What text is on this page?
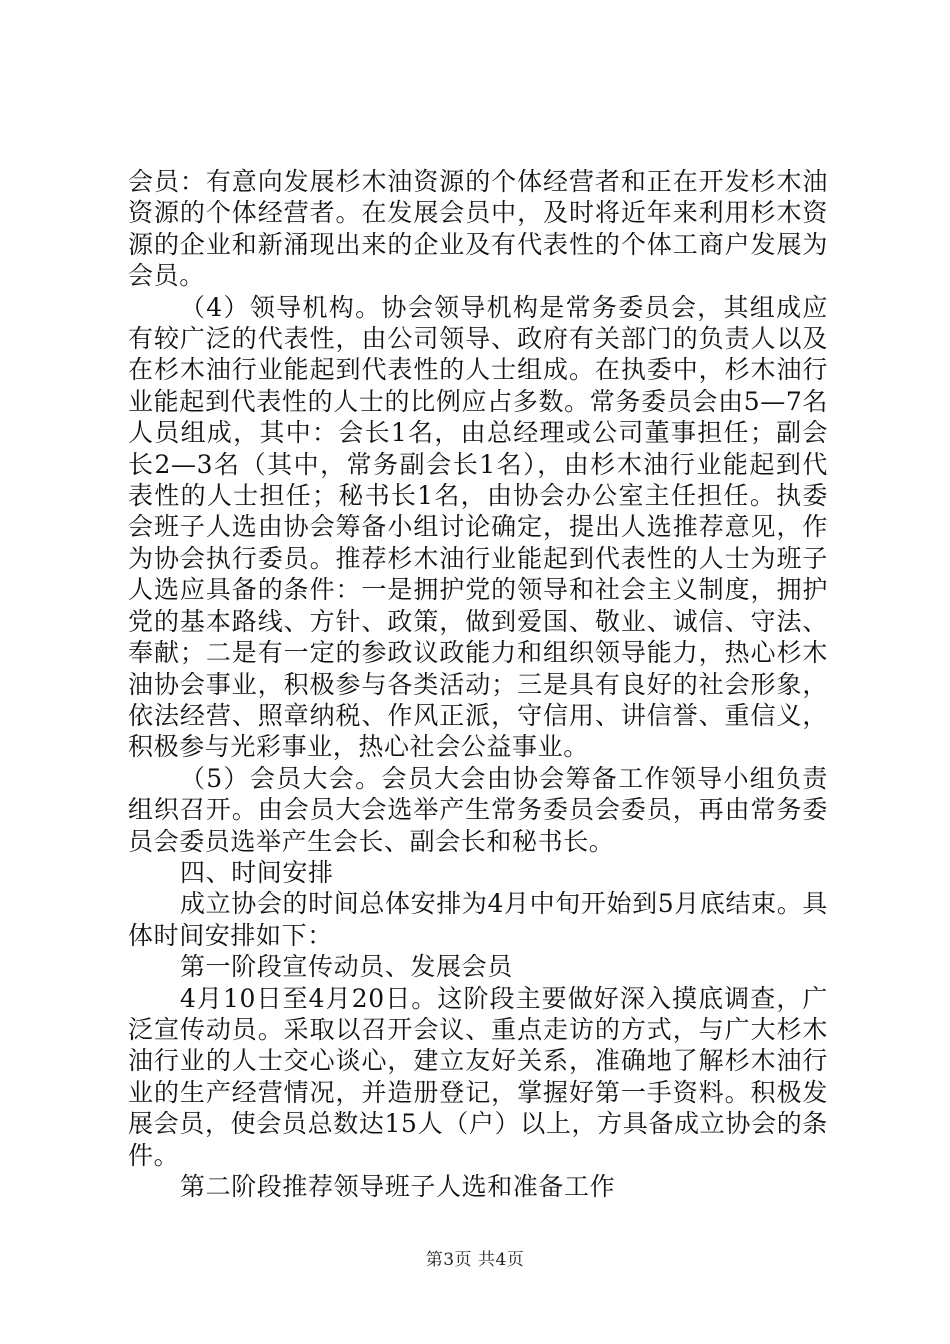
会员：有意向发展杉木油资源的个体经营者和正在开发杉木油资源的个体经营者。在发展会员中，及时将近年来利用杉木资源的企业和新涌现出来的企业及有代表性的个体工商户发展为会员。

（4）领导机构。协会领导机构是常务委员会，其组成应有较广泛的代表性，由公司领导、政府有关部门的负责人以及在杉木油行业能起到代表性的人士组成。在执委中，杉木油行业能起到代表性的人士的比例应占多数。常务委员会由5—7名人员组成，其中：会长1名，由总经理或公司董事担任；副会长2—3名（其中，常务副会长1名），由杉木油行业能起到代表性的人士担任；秘书长1名，由协会办公室主任担任。执委会班子人选由协会筹备小组讨论确定，提出人选推荐意见，作为协会执行委员。推荐杉木油行业能起到代表性的人士为班子人选应具备的条件：一是拥护党的领导和社会主义制度，拥护党的基本路线、方针、政策，做到爱国、敬业、诚信、守法、奉献；二是有一定的参政议政能力和组织领导能力，热心杉木油协会事业，积极参与各类活动；三是具有良好的社会形象，依法经营、照章纳税、作风正派，守信用、讲信誉、重信义，积极参与光彩事业，热心社会公益事业。

（5）会员大会。会员大会由协会筹备工作领导小组负责组织召开。由会员大会选举产生常务委员会委员，再由常务委员会委员选举产生会长、副会长和秘书长。

四、时间安排

成立协会的时间总体安排为4月中旬开始到5月底结束。具体时间安排如下：

第一阶段宣传动员、发展会员

4月10日至4月20日。这阶段主要做好深入摸底调查，广泛宣传动员。采取以召开会议、重点走访的方式，与广大杉木油行业的人士交心谈心，建立友好关系，准确地了解杉木油行业的生产经营情况，并造册登记，掌握好第一手资料。积极发展会员，使会员总数达15人（户）以上，方具备成立协会的条件。

第二阶段推荐领导班子人选和准备工作

第3页 共4页
